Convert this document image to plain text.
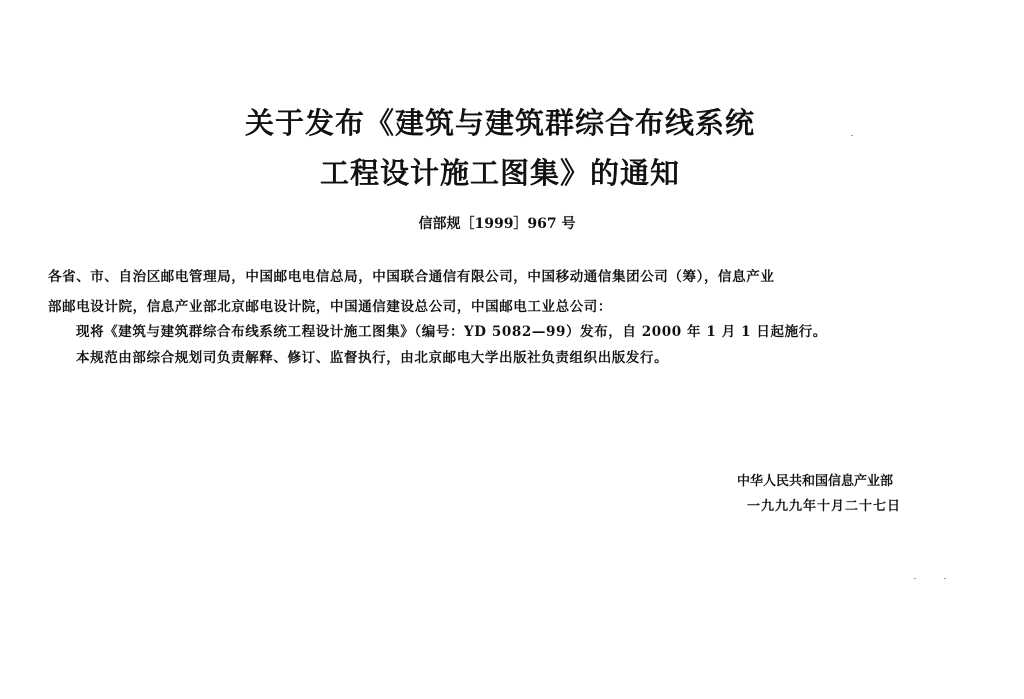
关于发布《建筑与建筑群综合布线系统
工程设计施工图集》的通知
信部规［1999］967 号
各省、市、自治区邮电管理局，中国邮电电信总局，中国联合通信有限公司，中国移动通信集团公司（筹），信息产业
部邮电设计院，信息产业部北京邮电设计院，中国通信建设总公司，中国邮电工业总公司：
现将《建筑与建筑群综合布线系统工程设计施工图集》（编号：YD 5082—99）发布，自 2000 年 1 月 1 日起施行。
本规范由部综合规划司负责解释、修订、监督执行，由北京邮电大学出版社负责组织出版发行。
中华人民共和国信息产业部
一九九九年十月二十七日
